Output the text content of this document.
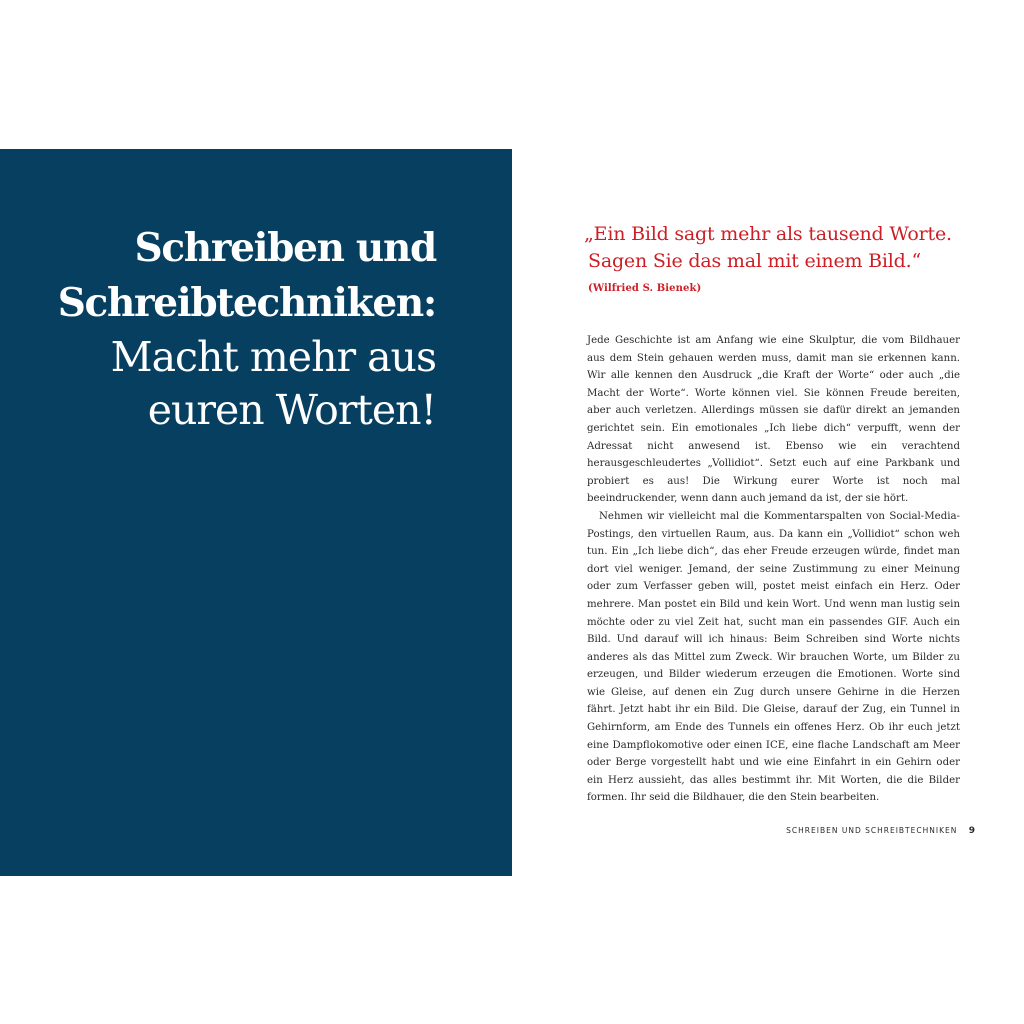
Schreiben und
Schreibtechniken:
Macht mehr aus
euren Worten!

„Ein Bild sagt mehr als tausend Worte.
Sagen Sie das mal mit einem Bild.“

(Wilfried S. Bienek)

Jede Geschichte ist am Anfang wie eine Skulptur, die vom Bildhauer aus dem Stein gehauen werden muss, damit man sie erkennen kann. Wir alle kennen den Ausdruck „die Kraft der Worte“ oder auch „die Macht der Worte“. Worte können viel. Sie können Freude bereiten, aber auch verletzen. Allerdings müssen sie dafür direkt an jemanden gerichtet sein. Ein emotionales „Ich liebe dich“ verpufft, wenn der Adressat nicht anwesend ist. Ebenso wie ein verachtend herausgeschleudertes „Vollidiot“. Setzt euch auf eine Parkbank und probiert es aus! Die Wirkung eurer Worte ist noch mal beeindruckender, wenn dann auch jemand da ist, der sie hört.

Nehmen wir vielleicht mal die Kommentarspalten von Social-Media-Postings, den virtuellen Raum, aus. Da kann ein „Vollidiot“ schon weh tun. Ein „Ich liebe dich“, das eher Freude erzeugen würde, findet man dort viel weniger. Jemand, der seine Zustimmung zu einer Meinung oder zum Verfasser geben will, postet meist einfach ein Herz. Oder mehrere. Man postet ein Bild und kein Wort. Und wenn man lustig sein möchte oder zu viel Zeit hat, sucht man ein passendes GIF. Auch ein Bild. Und darauf will ich hinaus: Beim Schreiben sind Worte nichts anderes als das Mittel zum Zweck. Wir brauchen Worte, um Bilder zu erzeugen, und Bilder wiederum erzeugen die Emotionen. Worte sind wie Gleise, auf denen ein Zug durch unsere Gehirne in die Herzen fährt. Jetzt habt ihr ein Bild. Die Gleise, darauf der Zug, ein Tunnel in Gehirnform, am Ende des Tunnels ein offenes Herz. Ob ihr euch jetzt eine Dampflokomotive oder einen ICE, eine flache Landschaft am Meer oder Berge vorgestellt habt und wie eine Einfahrt in ein Gehirn oder ein Herz aussieht, das alles bestimmt ihr. Mit Worten, die die Bilder formen. Ihr seid die Bildhauer, die den Stein bearbeiten.

SCHREIBEN UND SCHREIBTECHNIKEN 9
